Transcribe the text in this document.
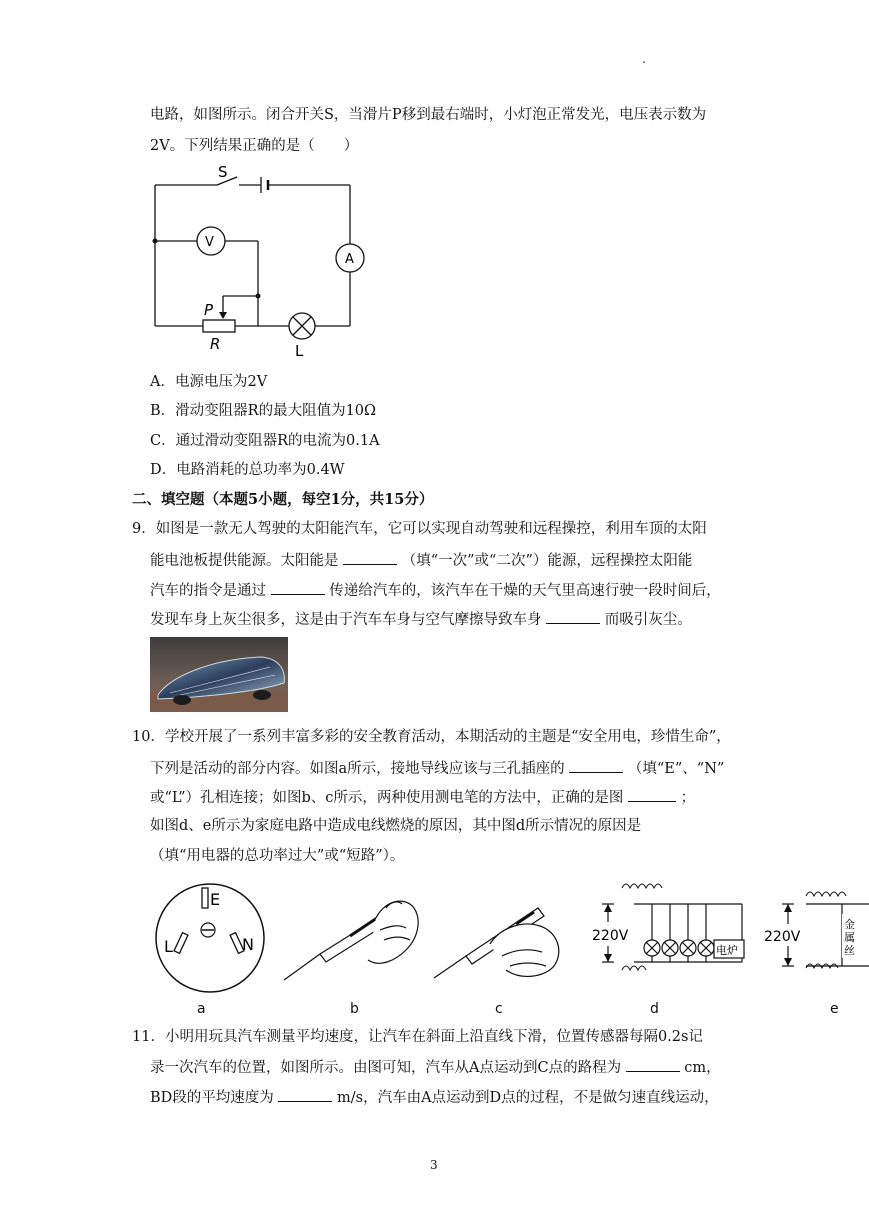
.
电路，如图所示。闭合开关S，当滑片P移到最右端时，小灯泡正常发光，电压表示数为
2V。下列结果正确的是（　　）
S
V
A
P
R	L
A．电源电压为2V
B．滑动变阻器R的最大阻值为10Ω
C．通过滑动变阻器R的电流为0.1A
D．电路消耗的总功率为0.4W
二、填空题（本题5小题，每空1分，共15分）
9．如图是一款无人驾驶的太阳能汽车，它可以实现自动驾驶和远程操控，利用车顶的太阳
能电池板提供能源。太阳能是	（填“一次”或“二次”）能源，远程操控太阳能
汽车的指令是通过	传递给汽车的，该汽车在干燥的天气里高速行驶一段时间后，
发现车身上灰尘很多，这是由于汽车车身与空气摩擦导致车身	而吸引灰尘。
10．学校开展了一系列丰富多彩的安全教育活动，本期活动的主题是“安全用电，珍惜生命”，
下列是活动的部分内容。如图a所示，接地导线应该与三孔插座的	（填“E”、“N”
或“L”）孔相连接；如图b、c所示，两种使用测电笔的方法中，正确的是图	；
如图d、e所示为家庭电路中造成电线燃烧的原因，其中图d所示情况的原因是
（填“用电器的总功率过大”或“短路”）。
E
L	N	220V
电炉
220V
金
属
丝
a	b	c	d	e
11．小明用玩具汽车测量平均速度，让汽车在斜面上沿直线下滑，位置传感器每隔0.2s记
录一次汽车的位置，如图所示。由图可知，汽车从A点运动到C点的路程为	cm，
BD段的平均速度为	m/s，汽车由A点运动到D点的过程，不是做匀速直线运动，
3
